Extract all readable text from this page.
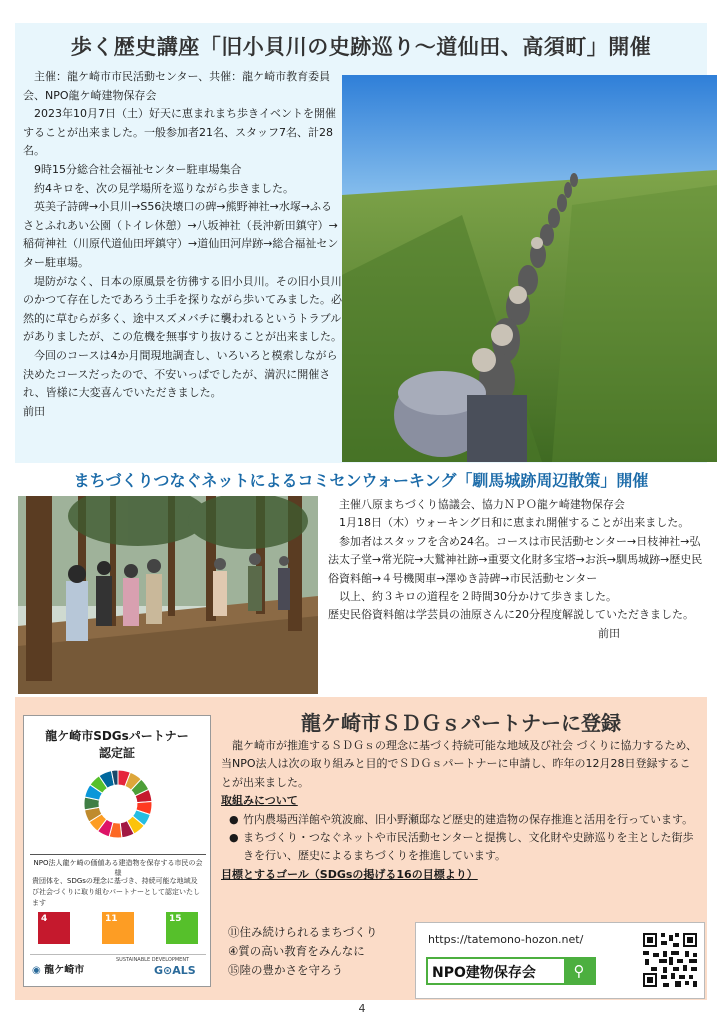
歩く歴史講座「旧小貝川の史跡巡り～道仙田、高須町」開催

　主催：龍ケ崎市市民活動センター、共催：龍ケ崎市教育委員会、NPO龍ケ崎建物保存会

　2023年10月7日（土）好天に恵まれまち歩きイベントを開催することが出来ました。一般参加者21名、スタッフ7名、計28名。

　9時15分総合社会福祉センター駐車場集合

　約4キロを、次の見学場所を巡りながら歩きました。

　英美子詩碑→小貝川→S56決壊口の碑→熊野神社→水塚→ふるさとふれあい公園（トイレ休憩）→八坂神社（長沖新田鎮守）→稲荷神社（川原代道仙田坪鎮守）→道仙田河岸跡→総合福祉センター駐車場。

　堤防がなく、日本の原風景を彷彿する旧小貝川。その旧小貝川のかつて存在したであろう土手を探りながら歩いてみました。必然的に草むらが多く、途中スズメバチに襲われるというトラブルがありましたが、この危機を無事すり抜けることが出来ました。

　今回のコースは4か月間現地調査し、いろいろと模索しながら決めたコースだったので、不安いっぱでしたが、満沢に開催され、皆様に大変喜んでいただきました。

前田

まちづくりつなぐネットによるコミセンウォーキング「馴馬城跡周辺散策」開催

　主催八原まちづくり協議会、協力ＮＰＯ龍ケ崎建物保存会

　1月18日（木）ウォーキング日和に恵まれ開催することが出来ました。

　参加者はスタッフを含め24名。コースは市民活動センター→日枝神社→弘法太子堂→常光院→大鷲神社跡→重要文化財多宝塔→お浜→馴馬城跡→歴史民俗資料館→４号機関車→澤ゆき詩碑→市民活動センター

　以上、約３キロの道程を２時間30分かけて歩きました。

歴史民俗資料館は学芸員の油原さんに20分程度解説していただきました。

前田

龍ケ崎市SDGsパートナー
認定証
NPO法人龍ケ崎の価値ある建造物を保存する市民の会 様
貴団体を、SDGsの理念に基づき、持続可能な地域及び社会づくりに取り組むパートナーとして認定いたします
4	11	15
◉ 龍ケ崎市
SUSTAINABLE DEVELOPMENT
G⊙ALS
龍ケ崎市ＳＤＧｓパートナーに登録

　龍ケ崎市が推進するＳＤＧｓの理念に基づく持続可能な地域及び社会 づくりに協力するため、当NPO法人は次の取り組みと目的でＳＤＧｓパートナーに申請し、昨年の12月28日登録することが出来ました。

取組みについて

● 竹内農場西洋館や筑波廊、旧小野瀬邸など歴史的建造物の保存推進と活用を行っています。
● まちづくり・つなぐネットや市民活動センターと提携し、文化財や史跡巡りを主とした街歩きを行い、歴史によるまちづくりを推進しています。

目標とするゴール（SDGsの掲げる16の目標より）

⑪住み続けられるまちづくり

④質の高い教育をみんなに

⑮陸の豊かさを守ろう

https://tatemono-hozon.net/
NPO建物保存会	⚲
4
